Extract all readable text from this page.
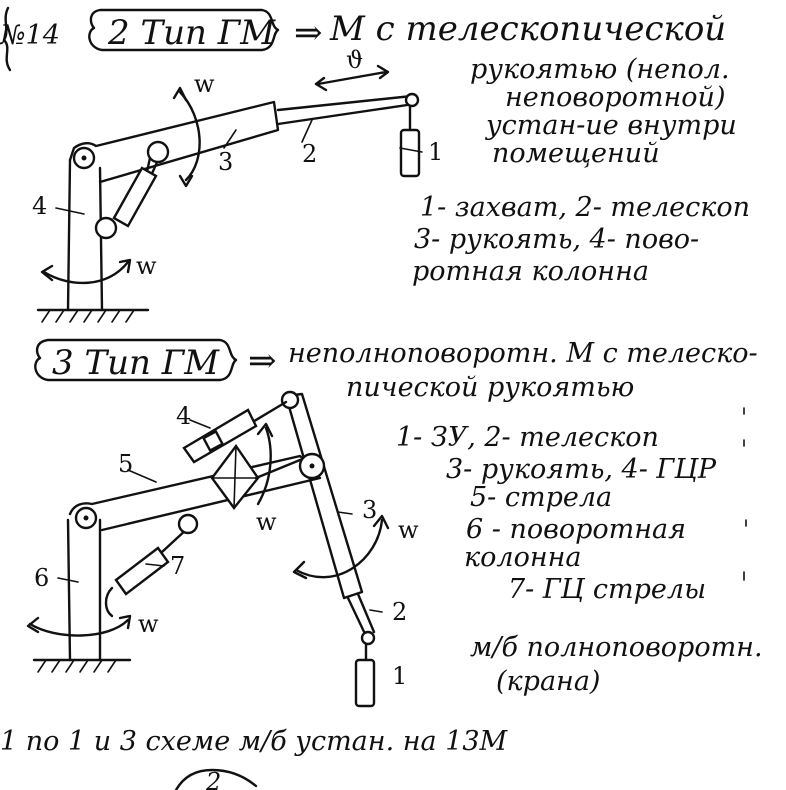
№14 2 Тип ГМ ⇒ М с телескопической
рукоятью (непол.
неповоротной)
устан-ие внутри
помещений
w
ϑ
1
2
3
4
w
1- захват, 2- телескоп
3- рукоять, 4- пово-
ротная колонна
3 Тип ГМ ⇒ неполноповоротн. М с телеско-
пической рукоятью
1
2
3
4
5
6	7
w
w
w
1- ЗУ, 2- телескоп
3- рукоять, 4- ГЦР
5- стрела
6 - поворотная
колонна
7- ГЦ стрелы
м/б полноповоротн.
(крана)
1 по 1 и 3 схеме м/б устан. на 13М
2
